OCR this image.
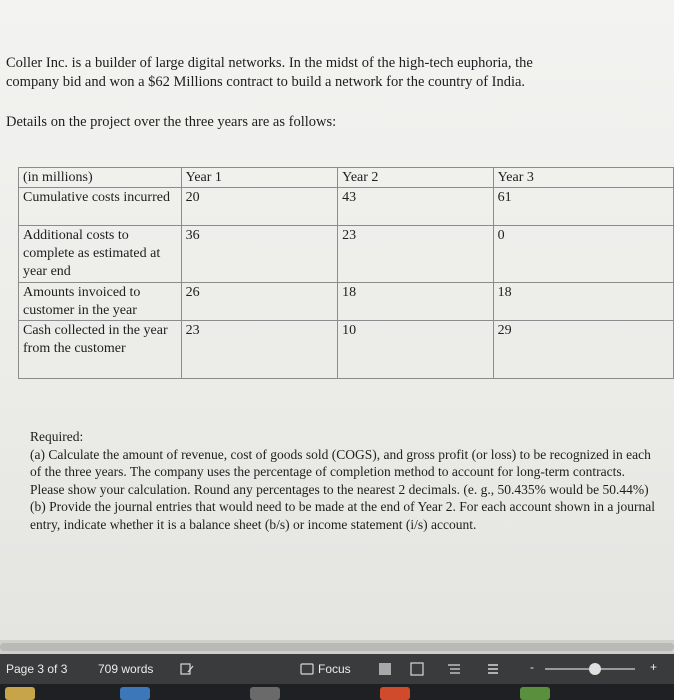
Coller Inc. is a builder of large digital networks. In the midst of the high-tech euphoria, the

company bid and won a $62 Millions contract to build a network for the country of India.

Details on the project over the three years are as follows:
(in millions)	Year 1	Year 2	Year 3
Cumulative costs incurred	20	43	61
Additional costs to complete as estimated at year end	36	23	0
Amounts invoiced to customer in the year	26	18	18
Cash collected in the year from the customer	23	10	29

Required:

(a) Calculate the amount of revenue, cost of goods sold (COGS), and gross profit (or loss) to be recognized in each of the three years. The company uses the percentage of completion method to account for long-term contracts. Please show your calculation. Round any percentages to the nearest 2 decimals. (e. g., 50.435% would be 50.44%)

(b) Provide the journal entries that would need to be made at the end of Year 2. For each account shown in a journal entry, indicate whether it is a balance sheet (b/s) or income statement (i/s) account.

Page 3 of 3	709 words	Focus	-	+
